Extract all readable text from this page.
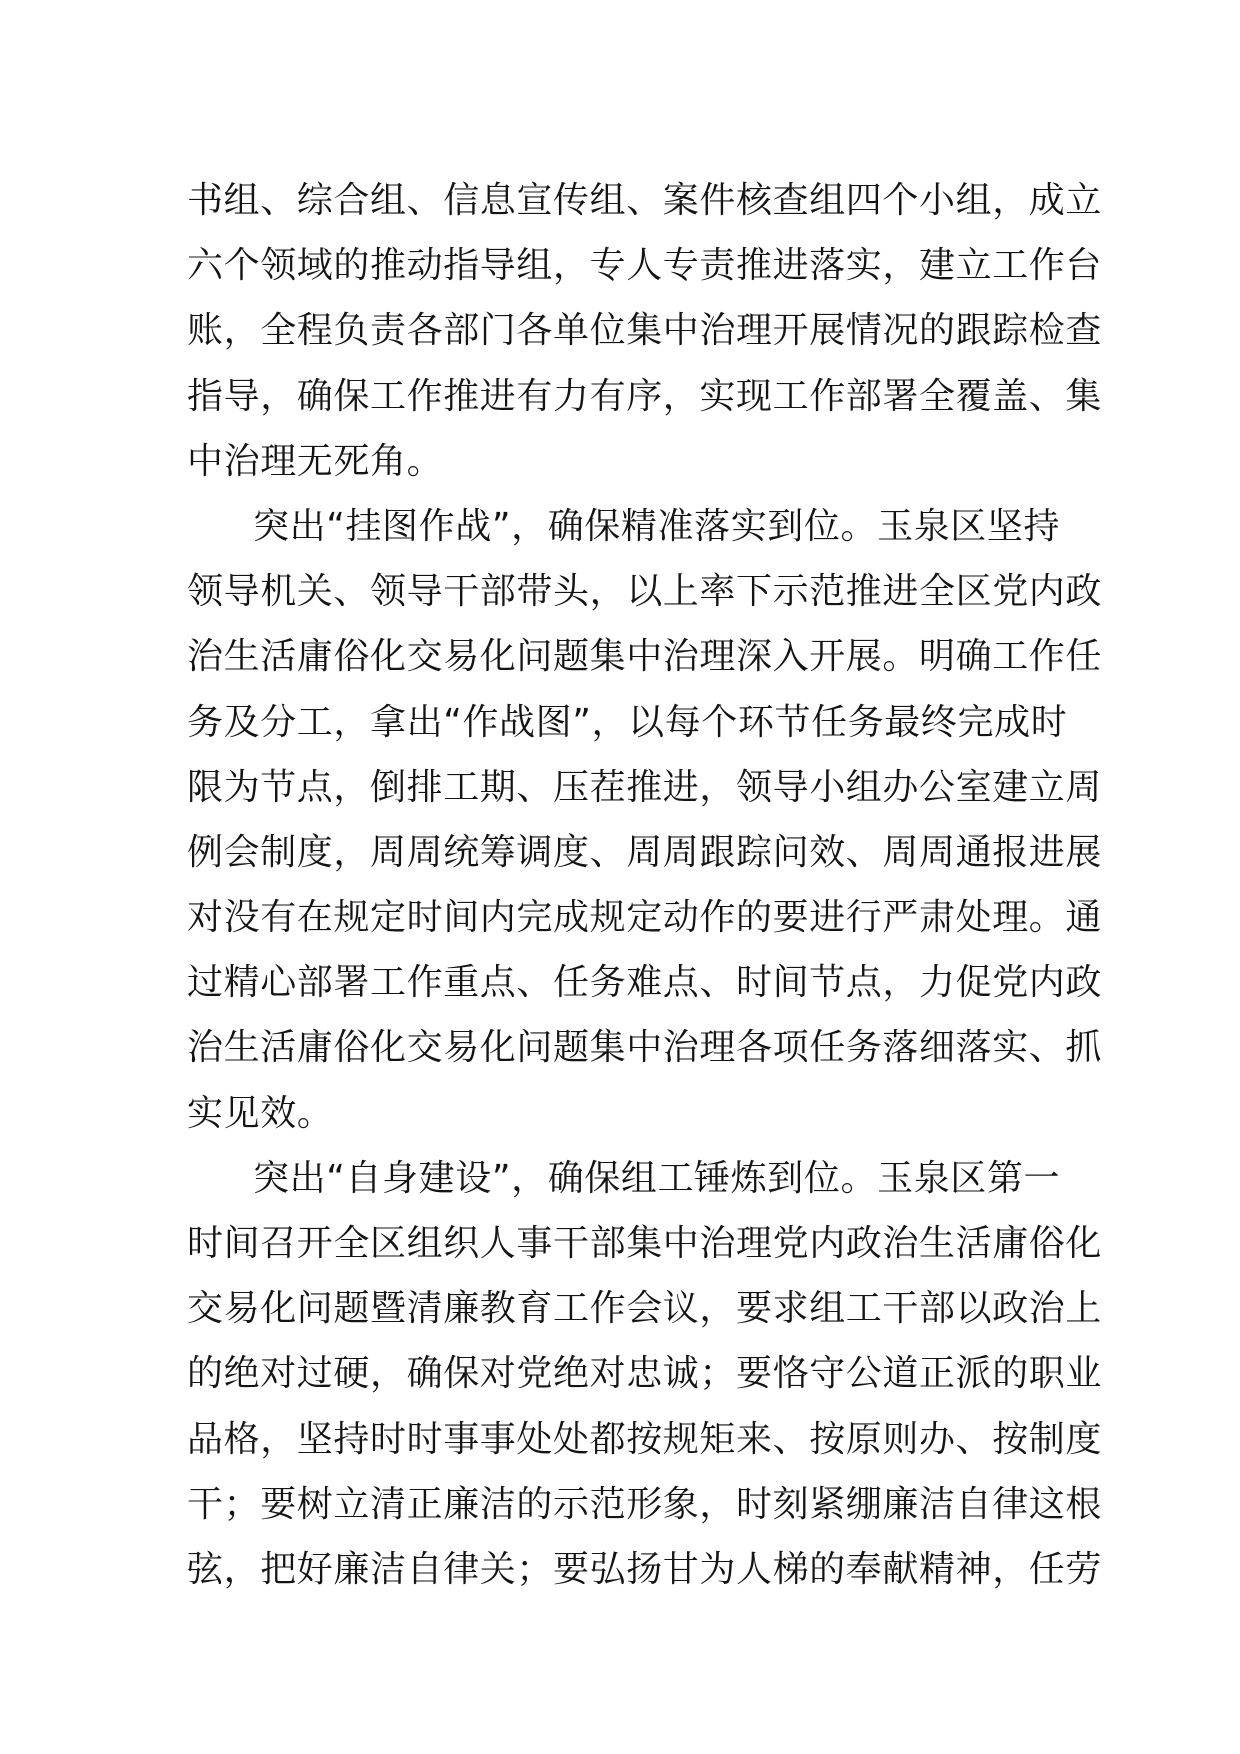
书组、综合组、信息宣传组、案件核查组四个小组，成立
六个领域的推动指导组，专人专责推进落实，建立工作台
账，全程负责各部门各单位集中治理开展情况的跟踪检查
指导，确保工作推进有力有序，实现工作部署全覆盖、集
中治理无死角。
突出“挂图作战”，确保精准落实到位。玉泉区坚持
领导机关、领导干部带头，以上率下示范推进全区党内政
治生活庸俗化交易化问题集中治理深入开展。明确工作任
务及分工，拿出“作战图”，以每个环节任务最终完成时
限为节点，倒排工期、压茬推进，领导小组办公室建立周
例会制度，周周统筹调度、周周跟踪问效、周周通报进展
对没有在规定时间内完成规定动作的要进行严肃处理。通
过精心部署工作重点、任务难点、时间节点，力促党内政
治生活庸俗化交易化问题集中治理各项任务落细落实、抓
实见效。
突出“自身建设”，确保组工锤炼到位。玉泉区第一
时间召开全区组织人事干部集中治理党内政治生活庸俗化
交易化问题暨清廉教育工作会议，要求组工干部以政治上
的绝对过硬，确保对党绝对忠诚；要恪守公道正派的职业
品格，坚持时时事事处处都按规矩来、按原则办、按制度
干；要树立清正廉洁的示范形象，时刻紧绷廉洁自律这根
弦，把好廉洁自律关；要弘扬甘为人梯的奉献精神，任劳
